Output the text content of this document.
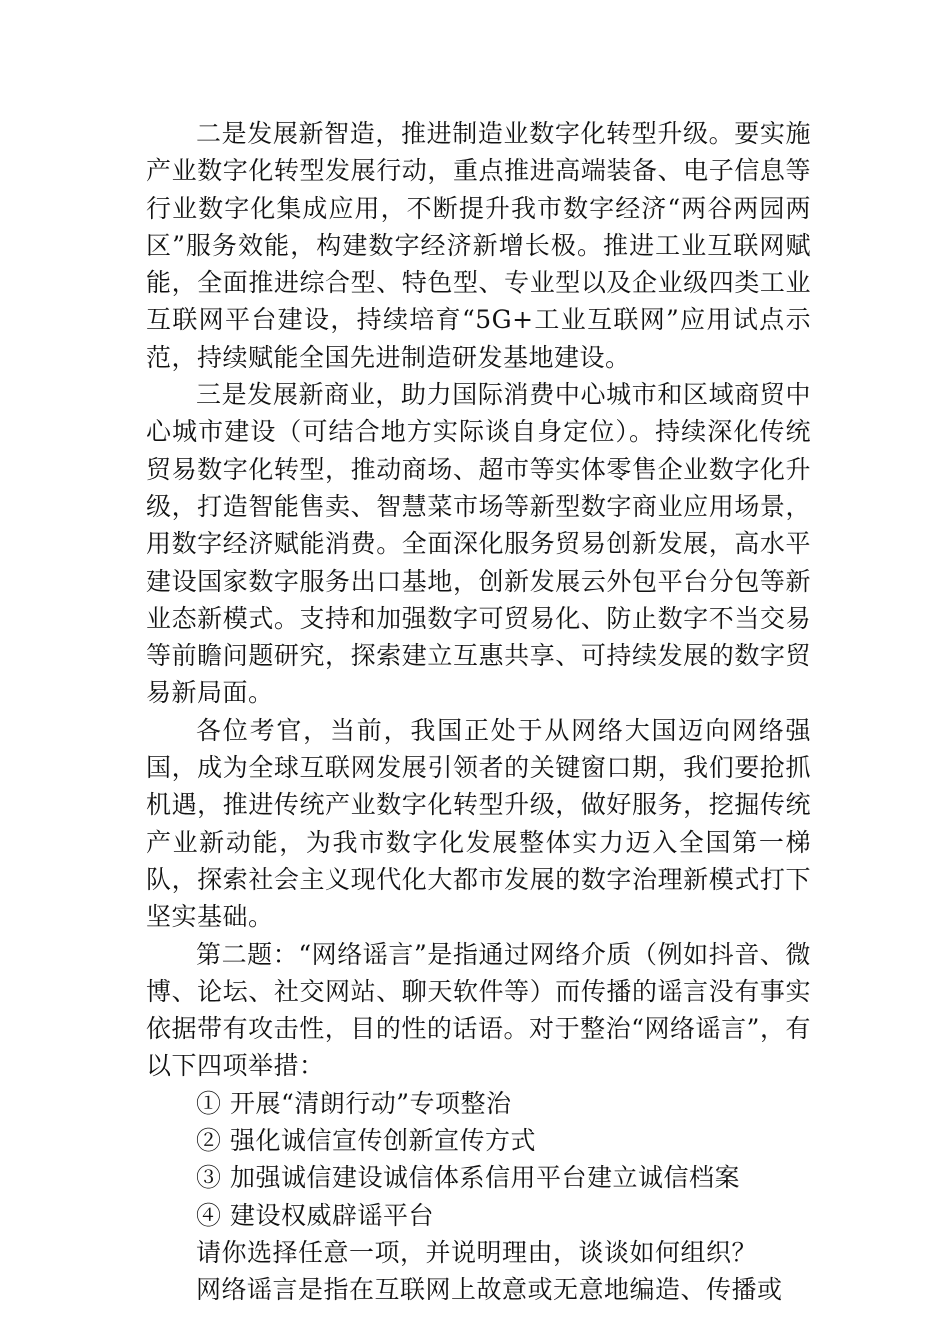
二是发展新智造，推进制造业数字化转型升级。要实施产业数字化转型发展行动，重点推进高端装备、电子信息等行业数字化集成应用，不断提升我市数字经济“两谷两园两区”服务效能，构建数字经济新增长极。推进工业互联网赋能，全面推进综合型、特色型、专业型以及企业级四类工业互联网平台建设，持续培育“5G+工业互联网”应用试点示范，持续赋能全国先进制造研发基地建设。

三是发展新商业，助力国际消费中心城市和区域商贸中心城市建设（可结合地方实际谈自身定位）。持续深化传统贸易数字化转型，推动商场、超市等实体零售企业数字化升级，打造智能售卖、智慧菜市场等新型数字商业应用场景，用数字经济赋能消费。全面深化服务贸易创新发展，高水平建设国家数字服务出口基地，创新发展云外包平台分包等新业态新模式。支持和加强数字可贸易化、防止数字不当交易等前瞻问题研究，探索建立互惠共享、可持续发展的数字贸易新局面。

各位考官，当前，我国正处于从网络大国迈向网络强国，成为全球互联网发展引领者的关键窗口期，我们要抢抓机遇，推进传统产业数字化转型升级，做好服务，挖掘传统产业新动能，为我市数字化发展整体实力迈入全国第一梯队，探索社会主义现代化大都市发展的数字治理新模式打下坚实基础。

第二题：“网络谣言”是指通过网络介质（例如抖音、微博、论坛、社交网站、聊天软件等）而传播的谣言没有事实依据带有攻击性，目的性的话语。对于整治“网络谣言”，有以下四项举措：

① 开展“清朗行动”专项整治

② 强化诚信宣传创新宣传方式

③ 加强诚信建设诚信体系信用平台建立诚信档案

④ 建设权威辟谣平台

请你选择任意一项，并说明理由，谈谈如何组织？

网络谣言是指在互联网上故意或无意地编造、传播或
